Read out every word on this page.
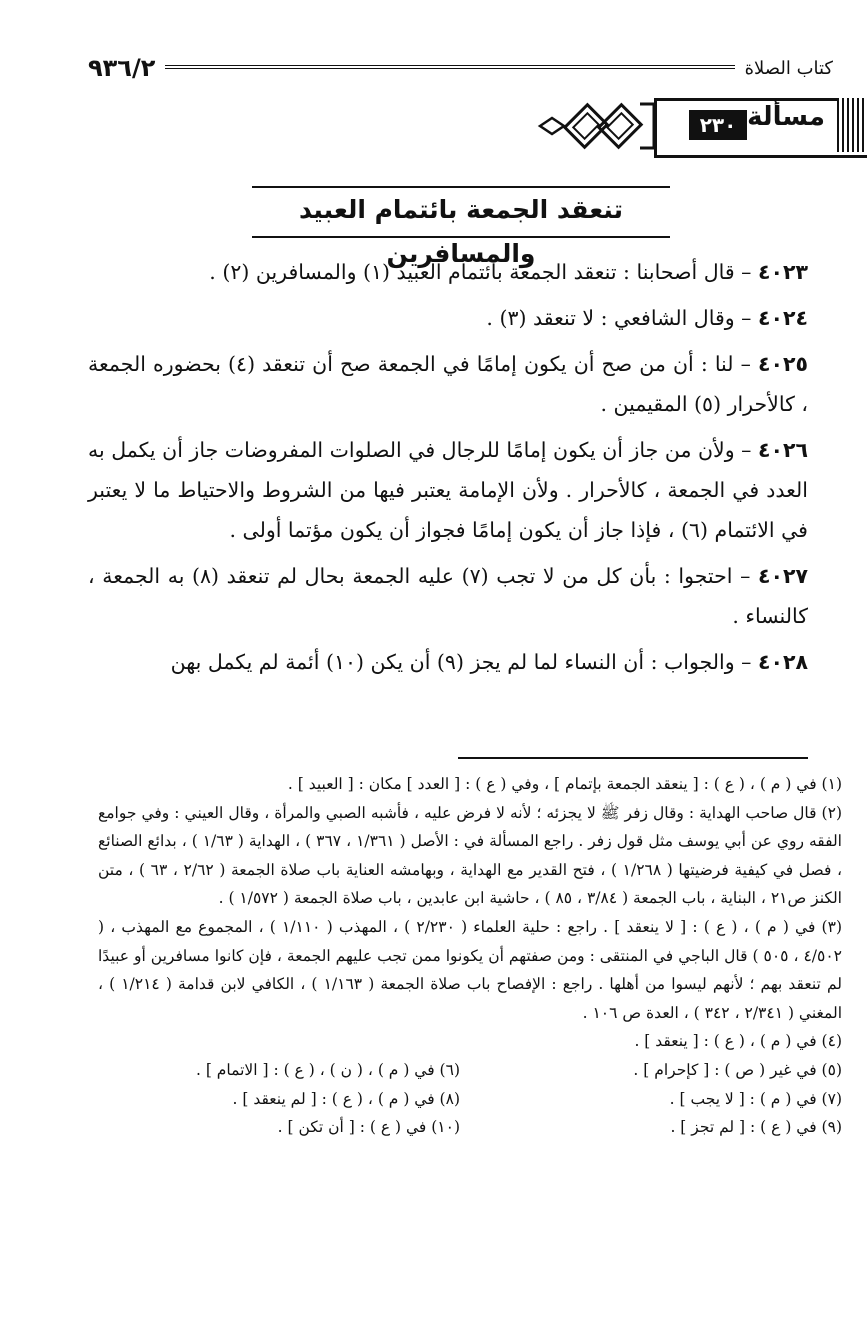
كتاب الصلاة
٩٣٦/٢
مسألة
٢٣٠
تنعقد الجمعة بائتمام العبيد والمسافرين

٤٠٢٣ – قال أصحابنا : تنعقد الجمعة بائتمام العبيد (١) والمسافرين (٢) .

٤٠٢٤ – وقال الشافعي : لا تنعقد (٣) .

٤٠٢٥ – لنا : أن من صح أن يكون إمامًا في الجمعة صح أن تنعقد (٤) بحضوره الجمعة ، كالأحرار (٥) المقيمين .

٤٠٢٦ – ولأن من جاز أن يكون إمامًا للرجال في الصلوات المفروضات جاز أن يكمل به العدد في الجمعة ، كالأحرار . ولأن الإمامة يعتبر فيها من الشروط والاحتياط ما لا يعتبر في الائتمام (٦) ، فإذا جاز أن يكون إمامًا فجواز أن يكون مؤتما أولى .

٤٠٢٧ – احتجوا : بأن كل من لا تجب (٧) عليه الجمعة بحال لم تنعقد (٨) به الجمعة ، كالنساء .

٤٠٢٨ – والجواب : أن النساء لما لم يجز (٩) أن يكن (١٠) أئمة لم يكمل بهن

(١) في ( م ) ، ( ع ) : [ ينعقد الجمعة بإتمام ] ، وفي ( ع ) : [ العدد ] مكان : [ العبيد ] .

(٢) قال صاحب الهداية : وقال زفر ﷺ لا يجزئه ؛ لأنه لا فرض عليه ، فأشبه الصبي والمرأة ، وقال العيني : وفي جوامع الفقه روي عن أبي يوسف مثل قول زفر . راجع المسألة في : الأصل ( ١/٣٦١ ، ٣٦٧ ) ، الهداية ( ١/٦٣ ) ، بدائع الصنائع ، فصل في كيفية فرضيتها ( ١/٢٦٨ ) ، فتح القدير مع الهداية ، وبهامشه العناية باب صلاة الجمعة ( ٢/٦٢ ، ٦٣ ) ، متن الكنز ص٢١ ، البناية ، باب الجمعة ( ٣/٨٤ ، ٨٥ ) ، حاشية ابن عابدين ، باب صلاة الجمعة ( ١/٥٧٢ ) .

(٣) في ( م ) ، ( ع ) : [ لا ينعقد ] . راجع : حلية العلماء ( ٢/٢٣٠ ) ، المهذب ( ١/١١٠ ) ، المجموع مع المهذب ، ( ٤/٥٠٢ ، ٥٠٥ ) قال الباجي في المنتقى : ومن صفتهم أن يكونوا ممن تجب عليهم الجمعة ، فإن كانوا مسافرين أو عبيدًا لم تنعقد بهم ؛ لأنهم ليسوا من أهلها . راجع : الإفصاح باب صلاة الجمعة ( ١/١٦٣ ) ، الكافي لابن قدامة ( ١/٢١٤ ) ، المغني ( ٢/٣٤١ ، ٣٤٢ ) ، العدة ص ١٠٦ .

(٤) في ( م ) ، ( ع ) : [ ينعقد ] .

(٥) في غير ( ص ) : [ كإحرام ] .

(٦) في ( م ) ، ( ن ) ، ( ع ) : [ الاتمام ] .

(٧) في ( م ) : [ لا يجب ] .

(٨) في ( م ) ، ( ع ) : [ لم ينعقد ] .

(٩) في ( ع ) : [ لم تجز ] .

(١٠) في ( ع ) : [ أن تكن ] .
